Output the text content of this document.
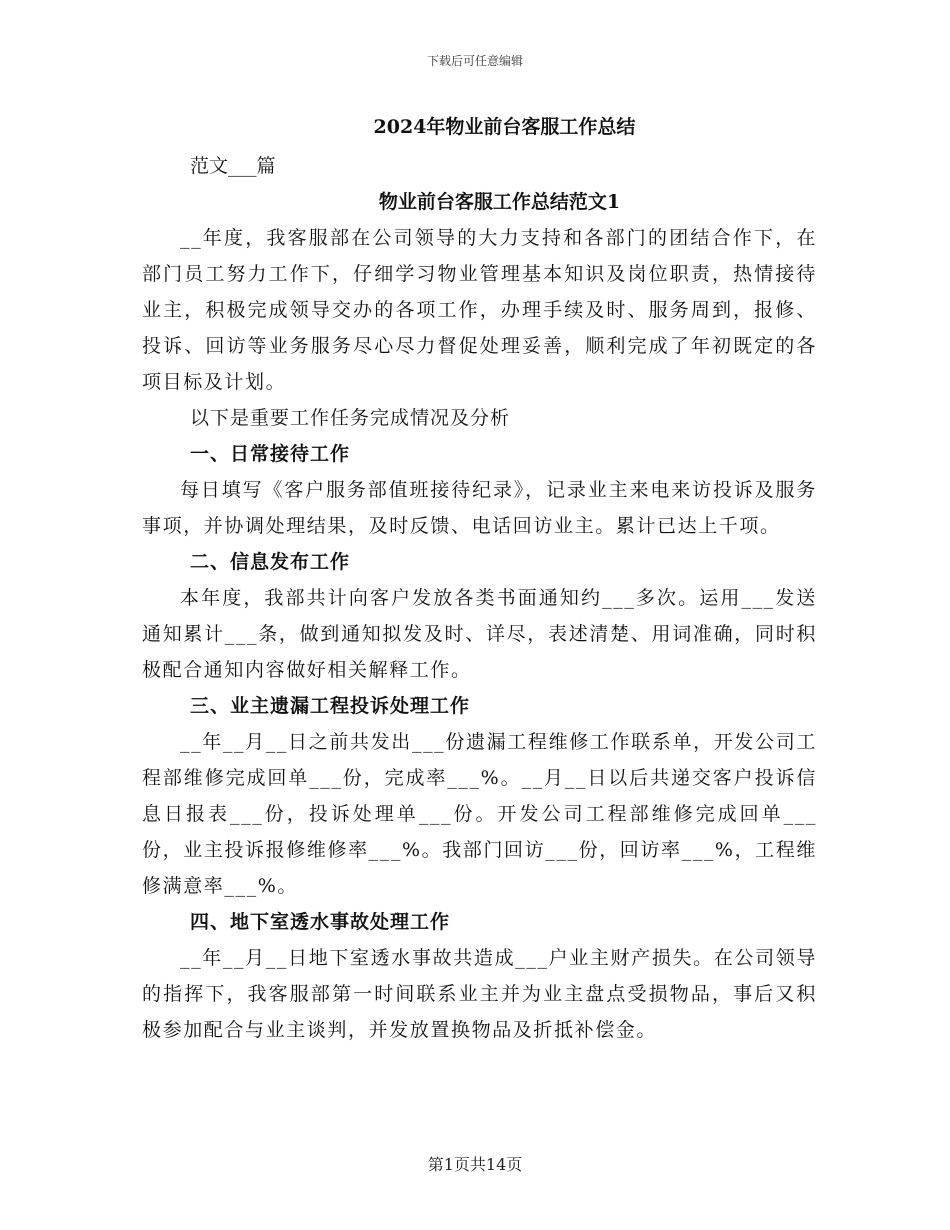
下载后可任意编辑
2024年物业前台客服工作总结
范文___篇
物业前台客服工作总结范文1

__年度，我客服部在公司领导的大力支持和各部门的团结合作下，在部门员工努力工作下，仔细学习物业管理基本知识及岗位职责，热情接待业主，积极完成领导交办的各项工作，办理手续及时、服务周到，报修、投诉、回访等业务服务尽心尽力督促处理妥善，顺利完成了年初既定的各项目标及计划。

以下是重要工作任务完成情况及分析

一、日常接待工作

每日填写《客户服务部值班接待纪录》，记录业主来电来访投诉及服务事项，并协调处理结果，及时反馈、电话回访业主。累计已达上千项。

二、信息发布工作

本年度，我部共计向客户发放各类书面通知约___多次。运用___发送通知累计___条，做到通知拟发及时、详尽，表述清楚、用词准确，同时积极配合通知内容做好相关解释工作。

三、业主遗漏工程投诉处理工作

__年__月__日之前共发出___份遗漏工程维修工作联系单，开发公司工程部维修完成回单___份，完成率___%。__月__日以后共递交客户投诉信息日报表___份，投诉处理单___份。开发公司工程部维修完成回单___份，业主投诉报修维修率___%。我部门回访___份，回访率___%，工程维修满意率___%。

四、地下室透水事故处理工作

__年__月__日地下室透水事故共造成___户业主财产损失。在公司领导的指挥下，我客服部第一时间联系业主并为业主盘点受损物品，事后又积极参加配合与业主谈判，并发放置换物品及折抵补偿金。

第1页共14页
